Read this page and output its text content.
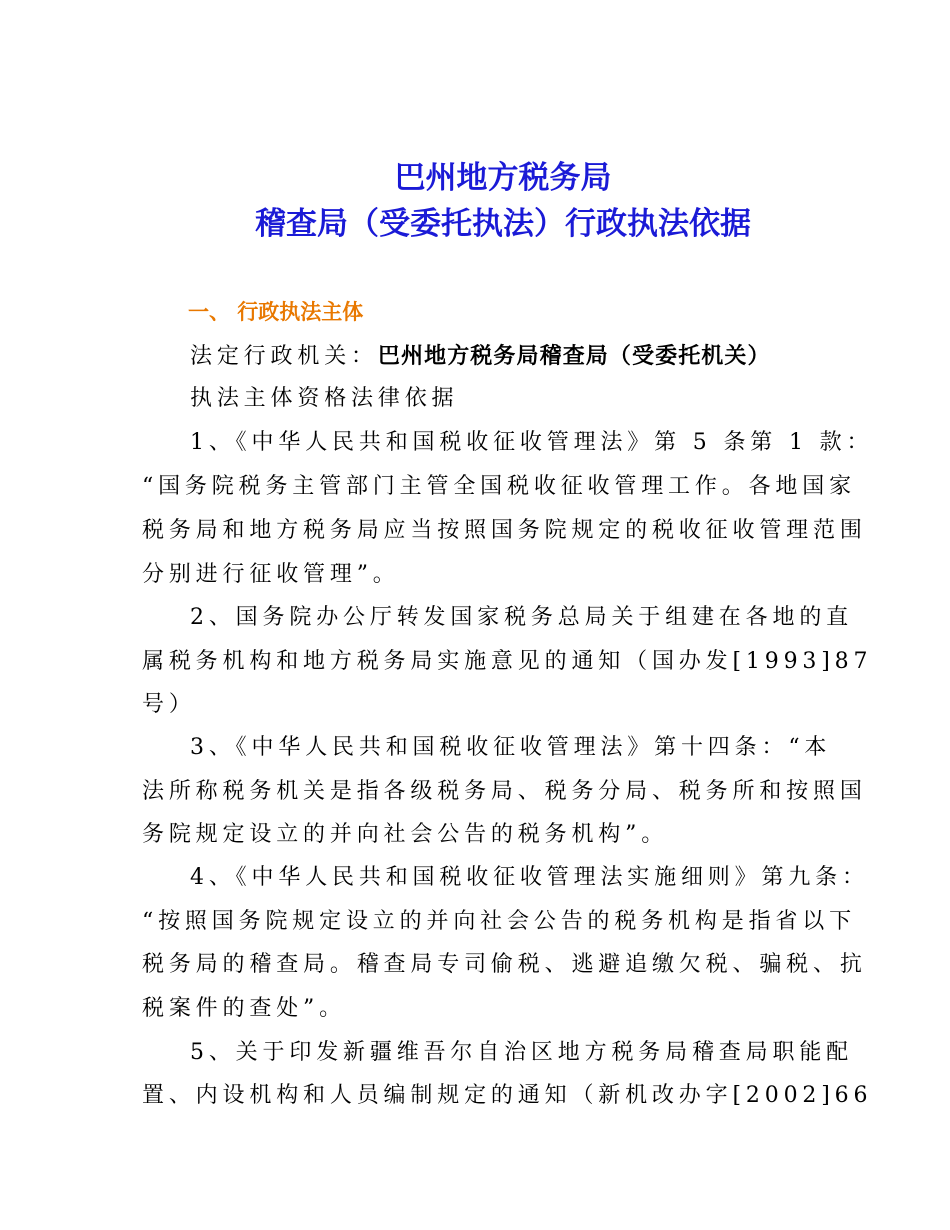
巴州地方税务局
稽查局（受委托执法）行政执法依据
一、 行政执法主体
法定行政机关：巴州地方税务局稽查局（受委托机关）
执法主体资格法律依据
1、《中华人民共和国税收征收管理法》第 5 条第 1 款：
“国务院税务主管部门主管全国税收征收管理工作。各地国家
税务局和地方税务局应当按照国务院规定的税收征收管理范围
分别进行征收管理”。
2、国务院办公厅转发国家税务总局关于组建在各地的直
属税务机构和地方税务局实施意见的通知（国办发[1993]87
号）
3、《中华人民共和国税收征收管理法》第十四条：“本
法所称税务机关是指各级税务局、税务分局、税务所和按照国
务院规定设立的并向社会公告的税务机构”。
4、《中华人民共和国税收征收管理法实施细则》第九条：
“按照国务院规定设立的并向社会公告的税务机构是指省以下
税务局的稽查局。稽查局专司偷税、逃避追缴欠税、骗税、抗
税案件的查处”。
5、关于印发新疆维吾尔自治区地方税务局稽查局职能配
置、内设机构和人员编制规定的通知（新机改办字[2002]66
